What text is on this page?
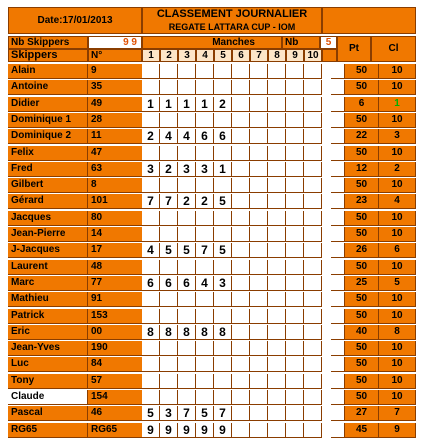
Date:17/01/2013
CLASSEMENT JOURNALIER
REGATE LATTARA CUP - IOM
Nb Skippers	9 9	Manches	Nb	5
Pt	Cl
Skippers	N°	1	2	3	4	5	6	7	8	9 10
Alain	9	50	10
Antoine	35	50	10
Didier	49	1 1 1 1 2	6	1
Dominique 1	28	50	10
Dominique 2	11	2 4 4 6 6	22	3
Felix	47	50	10
Fred	63	3 2 3 3 1	12	2
Gilbert	8	50	10
Gérard	101	7 7 2 2 5	23	4
Jacques	80	50	10
Jean-Pierre	14	50	10
J-Jacques	17	4 5 5 7 5	26	6
Laurent	48	50	10
Marc	77	6 6 6 4 3	25	5
Mathieu	91	50	10
Patrick	153	50	10
Eric	00	8 8 8 8 8	40	8
Jean-Yves	190	50	10
Luc	84	50	10
Tony	57	50	10
Claude	154	50	10
Pascal	46	5 3 7 5 7	27	7
RG65	RG65	9 9 9 9 9	45	9
